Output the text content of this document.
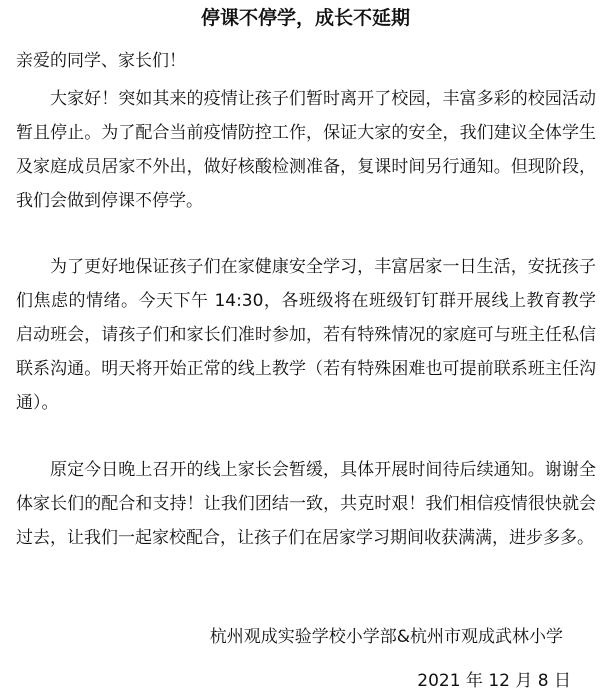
停课不停学，成长不延期
亲爱的同学、家长们！

大家好！突如其来的疫情让孩子们暂时离开了校园，丰富多彩的校园活动暂且停止。为了配合当前疫情防控工作，保证大家的安全，我们建议全体学生及家庭成员居家不外出，做好核酸检测准备，复课时间另行通知。但现阶段，我们会做到停课不停学。

为了更好地保证孩子们在家健康安全学习，丰富居家一日生活，安抚孩子们焦虑的情绪。今天下午 14:30，各班级将在班级钉钉群开展线上教育教学启动班会，请孩子们和家长们准时参加，若有特殊情况的家庭可与班主任私信联系沟通。明天将开始正常的线上教学（若有特殊困难也可提前联系班主任沟通）。

原定今日晚上召开的线上家长会暂缓，具体开展时间待后续通知。谢谢全体家长们的配合和支持！让我们团结一致，共克时艰！我们相信疫情很快就会过去，让我们一起家校配合，让孩子们在居家学习期间收获满满，进步多多。

杭州观成实验学校小学部&杭州市观成武林小学
2021 年 12 月 8 日
